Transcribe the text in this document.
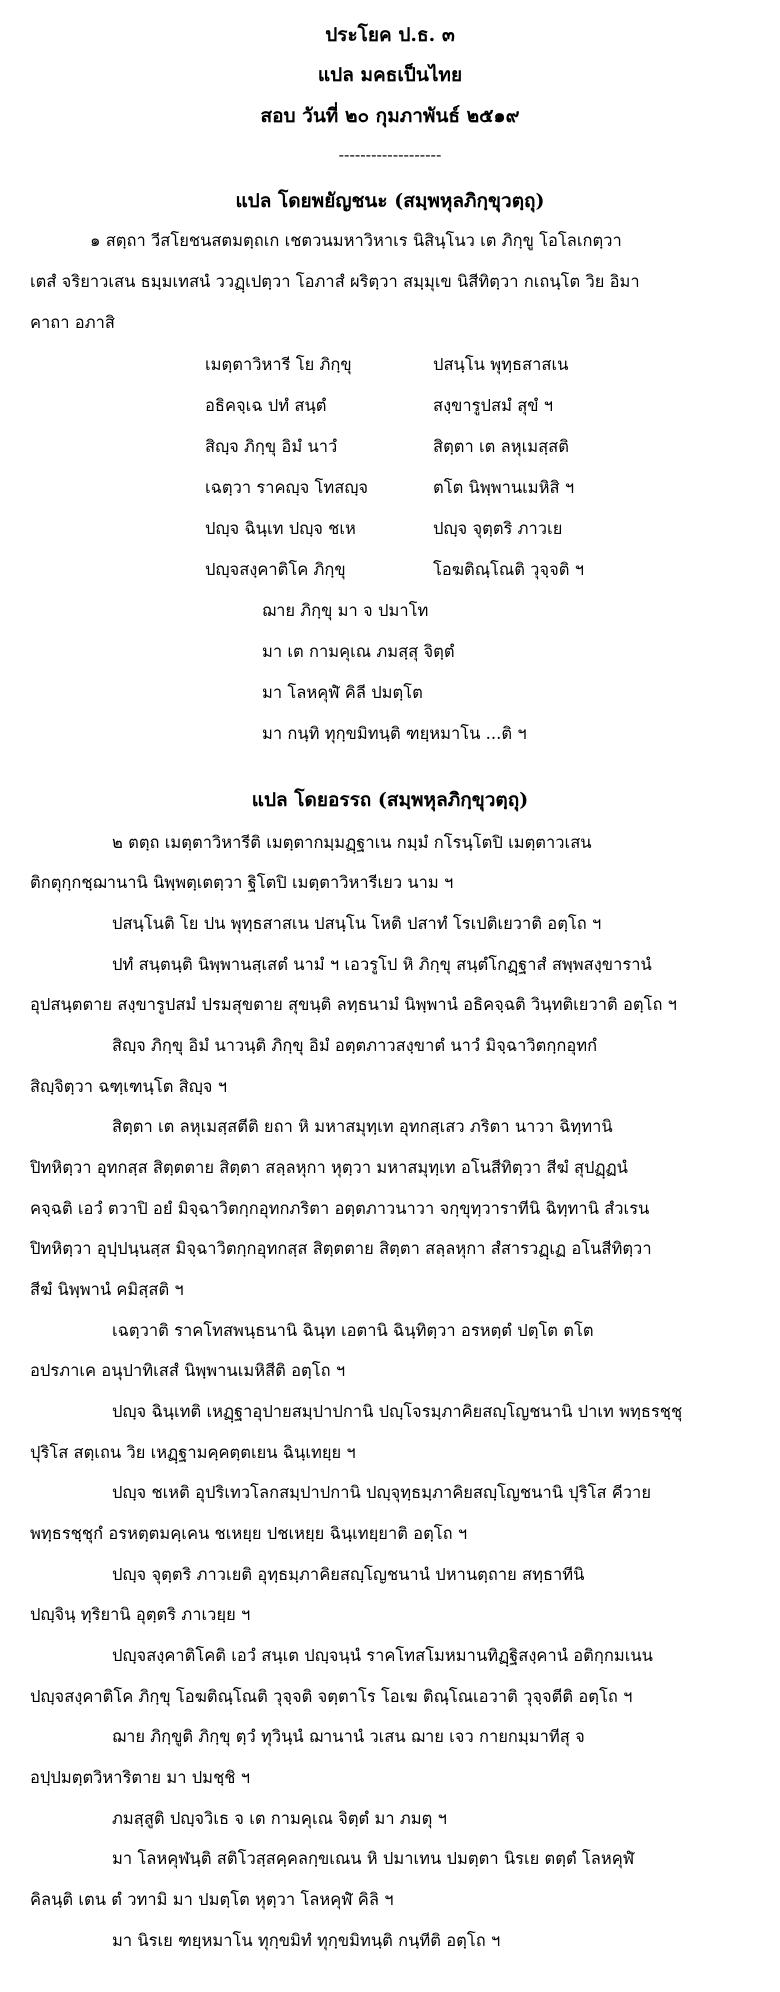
ประโยค ป.ธ. ๓
แปล มคธเป็นไทย
สอบ วันที่ ๒๐ กุมภาพันธ์ ๒๕๑๙
-------------------
แปล โดยพยัญชนะ (สมฺพหุลภิกฺขุวตฺถุ)
๑ สตฺถา วีสโยชนสตมตฺถเก เชตวนมหาวิหาเร นิสินฺโนว เต ภิกฺขู โอโลเกตฺวา
เตสํ จริยาวเสน ธมฺมเทสนํ ววฏฺเปตฺวา โอภาสํ ผริตฺวา สมฺมุเข นิสีทิตฺวา กเถนฺโต วิย อิมา
คาถา อภาสิ
เมตฺตาวิหารี โย ภิกฺขุ	ปสนฺโน พุทฺธสาสเน
อธิคจฺเฉ ปทํ สนฺตํ	สงฺขารูปสมํ สุขํ ฯ
สิญฺจ ภิกฺขุ อิมํ นาวํ	สิตฺตา เต ลหุเมสฺสติ
เฉตฺวา ราคญฺจ โทสญฺจ	ตโต นิพฺพานเมหิสิ ฯ
ปญฺจ ฉินฺเท ปญฺจ ชเห	ปญฺจ จุตฺตริ ภาวเย
ปญฺจสงฺคาติโค ภิกฺขุ	โอฆติณฺโณติ วุจฺจติ ฯ
ฌาย ภิกฺขุ มา จ ปมาโท
มา เต กามคุเณ ภมสฺสุ จิตฺตํ
มา โลหคุฬํ คิลี ปมตฺโต
มา กนฺทิ ทุกฺขมิทนฺติ ฑยฺหมาโน ...ติ ฯ
แปล โดยอรรถ (สมฺพหุลภิกฺขุวตฺถุ)
๒ ตตฺถ เมตฺตาวิหารีติ เมตฺตากมฺมฏฺฐาเน กมฺมํ กโรนฺโตปิ เมตฺตาวเสน
ติกตุกฺกชฺฌานานิ นิพฺพตฺเตตฺวา ฐิโตปิ เมตฺตาวิหารีเยว นาม ฯ
ปสนฺโนติ โย ปน พุทฺธสาสเน ปสนฺโน โหติ ปสาทํ โรเปติเยวาติ อตฺโถ ฯ
ปทํ สนฺตนฺติ นิพฺพานสฺเสตํ นามํ ฯ เอวรูโป หิ ภิกฺขุ สนฺตํโกฏฺฐาสํ สพฺพสงฺขารานํ
อุปสนฺตตาย สงฺขารูปสมํ ปรมสุขตาย สุขนฺติ ลทฺธนามํ นิพฺพานํ อธิคจฺฉติ วินฺทติเยวาติ อตฺโถ ฯ
สิญฺจ ภิกฺขุ อิมํ นาวนฺติ ภิกฺขุ อิมํ อตฺตภาวสงฺขาตํ นาวํ มิจฺฉาวิตกฺกอุทกํ
สิญฺจิตฺวา ฉฑฺเฑนฺโต สิญฺจ ฯ
สิตฺตา เต ลหุเมสฺสตีติ ยถา หิ มหาสมุทฺเท อุทกสฺเสว ภริตา นาวา ฉิทฺทานิ
ปิทหิตฺวา อุทกสฺส สิตฺตตาย สิตฺตา สลฺลหุกา หุตฺวา มหาสมุทฺเท อโนสีทิตฺวา สีฆํ สุปฏฺฏนํ
คจฺฉติ เอวํ ตวาปิ อยํ มิจฺฉาวิตกฺกอุทกภริตา อตฺตภาวนาวา จกฺขุทฺวาราทีนิ ฉิทฺทานิ สํวเรน
ปิทหิตฺวา อุปฺปนฺนสฺส มิจฺฉาวิตกฺกอุทกสฺส สิตฺตตาย สิตฺตา สลฺลหุกา สํสารวฏฺเฏ อโนสีทิตฺวา
สีฆํ นิพฺพานํ คมิสฺสติ ฯ
เฉตฺวาติ ราคโทสพนฺธนานิ ฉินฺท เอตานิ ฉินฺทิตฺวา อรหตฺตํ ปตฺโต ตโต
อปรภาเค อนุปาทิเสสํ นิพฺพานเมหิสีติ อตฺโถ ฯ
ปญฺจ ฉินฺเทติ เหฏฺฐาอุปายสมฺปาปกานิ ปญฺโจรมฺภาคิยสญฺโญชนานิ ปาเท พทฺธรชฺชุ
ปุริโส สตฺเถน วิย เหฏฺฐามคฺคตฺตเยน ฉินฺเทยฺย ฯ
ปญฺจ ชเหติ อุปริเทวโลกสมฺปาปกานิ ปญฺจุทฺธมฺภาคิยสญฺโญชนานิ ปุริโส คีวาย
พทฺธรชฺชุกํ อรหตฺตมคฺเคน ชเหยฺย ปชเหยฺย ฉินฺเทยฺยาติ อตฺโถ ฯ
ปญฺจ จุตฺตริ ภาวเยติ อุทฺธมฺภาคิยสญฺโญชนานํ ปหานตฺถาย สทฺธาทีนิ
ปญฺจินฺ ทฺริยานิ อุตฺตริ ภาเวยฺย ฯ
ปญฺจสงฺคาติโคติ เอวํ สนฺเต ปญฺจนฺนํ ราคโทสโมหมานทิฏฺฐิสงฺคานํ อติกฺกมเนน
ปญฺจสงฺคาติโค ภิกฺขุ โอฆติณฺโณติ วุจฺจติ จตฺตาโร โอเฆ ติณฺโณเอวาติ วุจฺจตีติ อตฺโถ ฯ
ฌาย ภิกฺขูติ ภิกฺขุ ตฺวํ ทุวินฺนํ ฌานานํ วเสน ฌาย เจว กายกมฺมาทีสุ จ
อปฺปมตฺตวิหาริตาย มา ปมชฺชิ ฯ
ภมสฺสูติ ปญฺจวิเธ จ เต กามคุเณ จิตฺตํ มา ภมตุ ฯ
มา โลหคุฬนฺติ สติโวสฺสคฺคลกฺขเณน หิ ปมาเทน ปมตฺตา นิรเย ตตฺตํ โลหคุฬํ
คิลนฺติ เตน ตํ วทามิ มา ปมตฺโต หุตฺวา โลหคุฬํ คิลิ ฯ
มา นิรเย ฑยฺหมาโน ทุกฺขมิทํ ทุกฺขมิทนฺติ กนฺทีติ อตฺโถ ฯ
